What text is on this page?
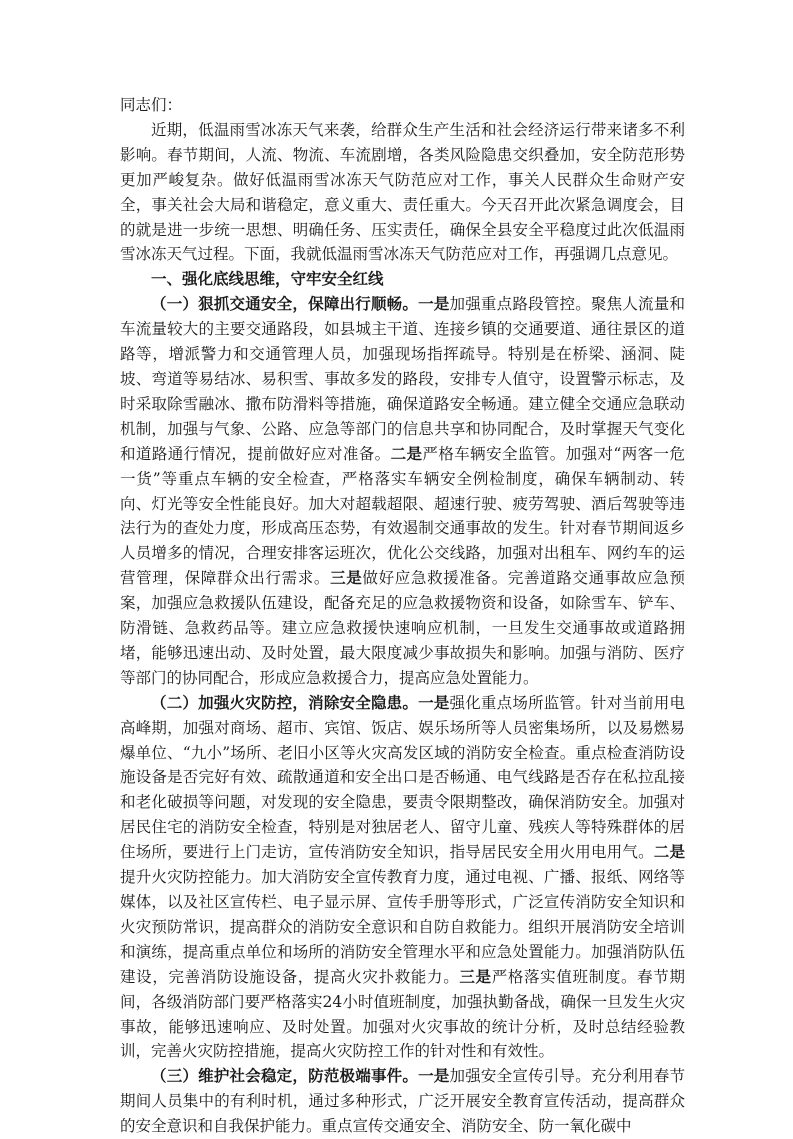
同志们：

近期，低温雨雪冰冻天气来袭，给群众生产生活和社会经济运行带来诸多不利影响。春节期间，人流、物流、车流剧增，各类风险隐患交织叠加，安全防范形势更加严峻复杂。做好低温雨雪冰冻天气防范应对工作，事关人民群众生命财产安全，事关社会大局和谐稳定，意义重大、责任重大。今天召开此次紧急调度会，目的就是进一步统一思想、明确任务、压实责任，确保全县安全平稳度过此次低温雨雪冰冻天气过程。下面，我就低温雨雪冰冻天气防范应对工作，再强调几点意见。

一、强化底线思维，守牢安全红线

（一）狠抓交通安全，保障出行顺畅。一是加强重点路段管控。聚焦人流量和车流量较大的主要交通路段，如县城主干道、连接乡镇的交通要道、通往景区的道路等，增派警力和交通管理人员，加强现场指挥疏导。特别是在桥梁、涵洞、陡坡、弯道等易结冰、易积雪、事故多发的路段，安排专人值守，设置警示标志，及时采取除雪融冰、撒布防滑料等措施，确保道路安全畅通。建立健全交通应急联动机制，加强与气象、公路、应急等部门的信息共享和协同配合，及时掌握天气变化和道路通行情况，提前做好应对准备。二是严格车辆安全监管。加强对“两客一危一货”等重点车辆的安全检查，严格落实车辆安全例检制度，确保车辆制动、转向、灯光等安全性能良好。加大对超载超限、超速行驶、疲劳驾驶、酒后驾驶等违法行为的查处力度，形成高压态势，有效遏制交通事故的发生。针对春节期间返乡人员增多的情况，合理安排客运班次，优化公交线路，加强对出租车、网约车的运营管理，保障群众出行需求。三是做好应急救援准备。完善道路交通事故应急预案，加强应急救援队伍建设，配备充足的应急救援物资和设备，如除雪车、铲车、防滑链、急救药品等。建立应急救援快速响应机制，一旦发生交通事故或道路拥堵，能够迅速出动、及时处置，最大限度减少事故损失和影响。加强与消防、医疗等部门的协同配合，形成应急救援合力，提高应急处置能力。

（二）加强火灾防控，消除安全隐患。一是强化重点场所监管。针对当前用电高峰期，加强对商场、超市、宾馆、饭店、娱乐场所等人员密集场所，以及易燃易爆单位、“九小”场所、老旧小区等火灾高发区域的消防安全检查。重点检查消防设施设备是否完好有效、疏散通道和安全出口是否畅通、电气线路是否存在私拉乱接和老化破损等问题，对发现的安全隐患，要责令限期整改，确保消防安全。加强对居民住宅的消防安全检查，特别是对独居老人、留守儿童、残疾人等特殊群体的居住场所，要进行上门走访，宣传消防安全知识，指导居民安全用火用电用气。二是提升火灾防控能力。加大消防安全宣传教育力度，通过电视、广播、报纸、网络等媒体，以及社区宣传栏、电子显示屏、宣传手册等形式，广泛宣传消防安全知识和火灾预防常识，提高群众的消防安全意识和自防自救能力。组织开展消防安全培训和演练，提高重点单位和场所的消防安全管理水平和应急处置能力。加强消防队伍建设，完善消防设施设备，提高火灾扑救能力。三是严格落实值班制度。春节期间，各级消防部门要严格落实24小时值班制度，加强执勤备战，确保一旦发生火灾事故，能够迅速响应、及时处置。加强对火灾事故的统计分析，及时总结经验教训，完善火灾防控措施，提高火灾防控工作的针对性和有效性。

（三）维护社会稳定，防范极端事件。一是加强安全宣传引导。充分利用春节期间人员集中的有利时机，通过多种形式，广泛开展安全教育宣传活动，提高群众的安全意识和自我保护能力。重点宣传交通安全、消防安全、防一氧化碳中
